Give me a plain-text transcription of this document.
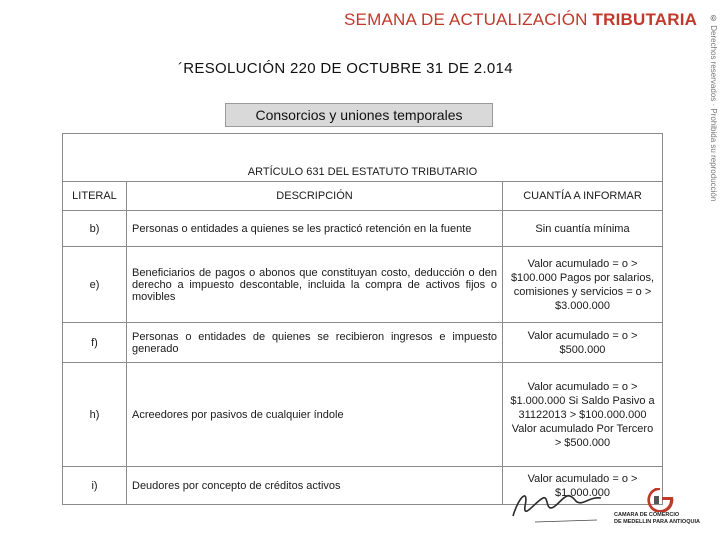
SEMANA DE ACTUALIZACIÓN TRIBUTARIA	© Derechos reservados · Prohibida su reproducción
´RESOLUCIÓN 220 DE OCTUBRE 31 DE 2.014
Consorcios y uniones temporales
ARTÍCULO 631 DEL ESTATUTO TRIBUTARIO		
LITERAL	DESCRIPCIÓN	CUANTÍA A INFORMAR
b)	Personas o entidades a quienes se les practicó retención en la fuente	Sin cuantía mínima
e)	Beneficiarios de pagos o abonos que constituyan costo, deducción o den derecho a impuesto descontable, incluida la compra de activos fijos o movibles	Valor acumulado = o > $100.000 Pagos por salarios, comisiones y servicios = o > $3.000.000
f)	Personas o entidades de quienes se recibieron ingresos e impuesto generado	Valor acumulado = o > $500.000
h)	Acreedores por pasivos de cualquier índole	Valor acumulado = o > $1.000.000 Si Saldo Pasivo a 31122013 > $100.000.000 Valor acumulado Por Tercero > $500.000
i)	Deudores por concepto de créditos activos	Valor acumulado = o > $1.000.000
CAMARA DE COMERCIO
DE MEDELLIN PARA ANTIOQUIA
